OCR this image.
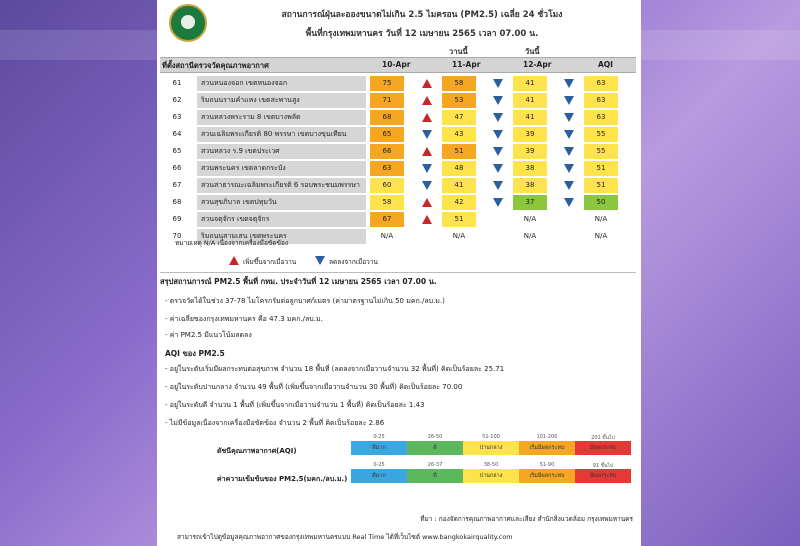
สถานการณ์ฝุ่นละอองขนาดไม่เกิน 2.5 ไมครอน (PM2.5) เฉลี่ย 24 ชั่วโมง
พื้นที่กรุงเทพมหานคร วันที่ 12 เมษายน 2565 เวลา 07.00 น.
วานนี้	วันนี้
ที่ตั้งสถานีตรวจวัดคุณภาพอากาศ	10-Apr	11-Apr	12-Apr	AQI
61	สวนหนองจอก เขตหนองจอก	75	58	41	63
62	ริมถนนรามคำแหง เขตสะพานสูง	71	53	41	63
63	สวนหลวงพระราม 8 เขตบางพลัด	68	47	41	63
64	สวนเฉลิมพระเกียรติ 80 พรรษา เขตบางขุนเทียน	65	43	39	55
65	สวนหลวง ร.9 เขตประเวศ	66	51	39	55
66	สวนพระนคร เขตลาดกระบัง	63	48	38	51
67	สวนสาธารณะเฉลิมพระเกียรติ 6 รอบพระชนมพรรษา	60	41	38	51
68	สวนสุขภิบาล เขตปทุมวัน	58	42	37	50
69	สวนจตุจักร เขตจตุจักร	67	51	N/A	N/A
70	ริมถนนสามเสน เขตพระนคร	N/A	N/A	N/A	N/A
หมายเหตุ N/A เนื่องจากเครื่องมือขัดข้อง
เพิ่มขึ้นจากเมื่อวาน	ลดลงจากเมื่อวาน
สรุปสถานการณ์ PM2.5 พื้นที่ กทม. ประจำวันที่ 12 เมษายน 2565 เวลา 07.00 น.
- ตรวจวัดได้ในช่วง 37-78 ไมโครกรัมต่อลูกบาศก์เมตร (ค่ามาตรฐานไม่เกิน 50 มคก./ลบ.ม.)
- ค่าเฉลี่ยของกรุงเทพมหานคร คือ 47.3 มคก./ลบ.ม.
- ค่า PM2.5 มีแนวโน้มลดลง
AQI ของ PM2.5
- อยู่ในระดับเริ่มมีผลกระทบต่อสุขภาพ จำนวน 18 พื้นที่ (ลดลงจากเมื่อวานจำนวน 32 พื้นที่) คิดเป็นร้อยละ 25.71
- อยู่ในระดับปานกลาง จำนวน 49 พื้นที่ (เพิ่มขึ้นจากเมื่อวานจำนวน 30 พื้นที่) คิดเป็นร้อยละ 70.00
- อยู่ในระดับดี จำนวน 1 พื้นที่ (เพิ่มขึ้นจากเมื่อวานจำนวน 1 พื้นที่) คิดเป็นร้อยละ 1.43
- ไม่มีข้อมูลเนื่องจากเครื่องมือขัดข้อง จำนวน 2 พื้นที่ คิดเป็นร้อยละ 2.86
ดัชนีคุณภาพอากาศ(AQI)
0-25	26-50	51-100	101-200	201 ขึ้นไป
ดีมาก	ดี	ปานกลาง	เริ่มมีผลกระทบ	มีผลกระทบ
ค่าความเข้มข้นของ PM2.5(มคก./ลบ.ม.)
0-25	26-37	38-50	51-90	91 ขึ้นไป
ดีมาก	ดี	ปานกลาง	เริ่มมีผลกระทบ	มีผลกระทบ
ที่มา : กองจัดการคุณภาพอากาศและเสียง สำนักสิ่งแวดล้อม กรุงเทพมหานคร
สามารถเข้าไปดูข้อมูลคุณภาพอากาศของกรุงเทพมหานครแบบ Real Time ได้ที่เว็บไซต์ www.bangkokairquality.com
